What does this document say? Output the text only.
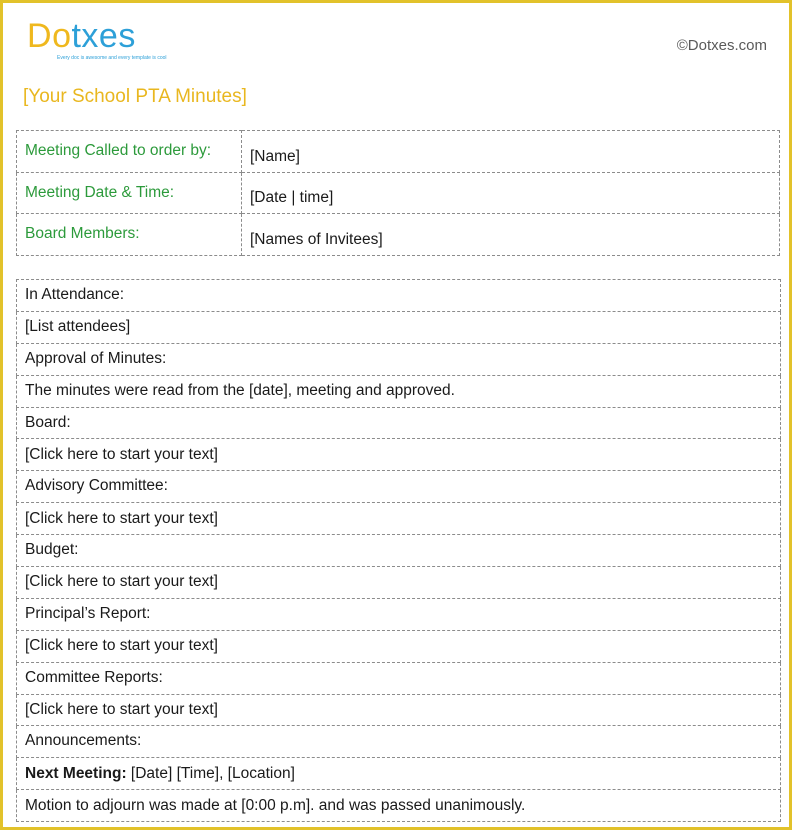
Dotxes
Every doc is awesome and every template is cool
©Dotxes.com
[Your School PTA Minutes]
Meeting Called to order by:	[Name]
Meeting Date & Time:	[Date | time]
Board Members:	[Names of Invitees]
In Attendance:
[List attendees]
Approval of Minutes:
The minutes were read from the [date], meeting and approved.
Board:
[Click here to start your text]
Advisory Committee:
[Click here to start your text]
Budget:
[Click here to start your text]
Principal’s Report:
[Click here to start your text]
Committee Reports:
[Click here to start your text]
Announcements:
Next Meeting: [Date] [Time], [Location]
Motion to adjourn was made at [0:00 p.m]. and was passed unanimously.
